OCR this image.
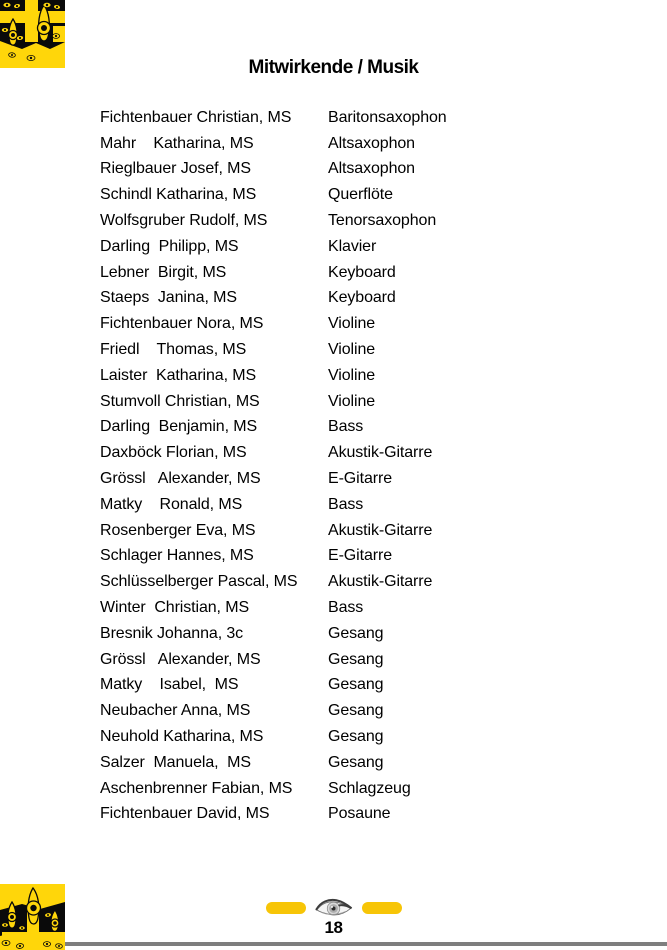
Mitwirkende / Musik
Fichtenbauer Christian, MS	Baritonsaxophon
Mahr    Katharina, MS	Altsaxophon
Rieglbauer Josef, MS	Altsaxophon
Schindl Katharina, MS	Querflöte
Wolfsgruber Rudolf, MS	Tenorsaxophon
Darling  Philipp, MS	Klavier
Lebner  Birgit, MS	Keyboard
Staeps  Janina, MS	Keyboard
Fichtenbauer Nora, MS	Violine
Friedl    Thomas, MS	Violine
Laister  Katharina, MS	Violine
Stumvoll Christian, MS	Violine
Darling  Benjamin, MS	Bass
Daxböck Florian, MS	Akustik-Gitarre
Grössl   Alexander, MS	E-Gitarre
Matky    Ronald, MS	Bass
Rosenberger Eva, MS	Akustik-Gitarre
Schlager Hannes, MS	E-Gitarre
Schlüsselberger Pascal, MS	Akustik-Gitarre
Winter  Christian, MS	Bass
Bresnik Johanna, 3c	Gesang
Grössl   Alexander, MS	Gesang
Matky    Isabel,  MS	Gesang
Neubacher Anna, MS	Gesang
Neuhold Katharina, MS	Gesang
Salzer  Manuela,  MS	Gesang
Aschenbrenner Fabian, MS	Schlagzeug
Fichtenbauer David, MS	Posaune
18
